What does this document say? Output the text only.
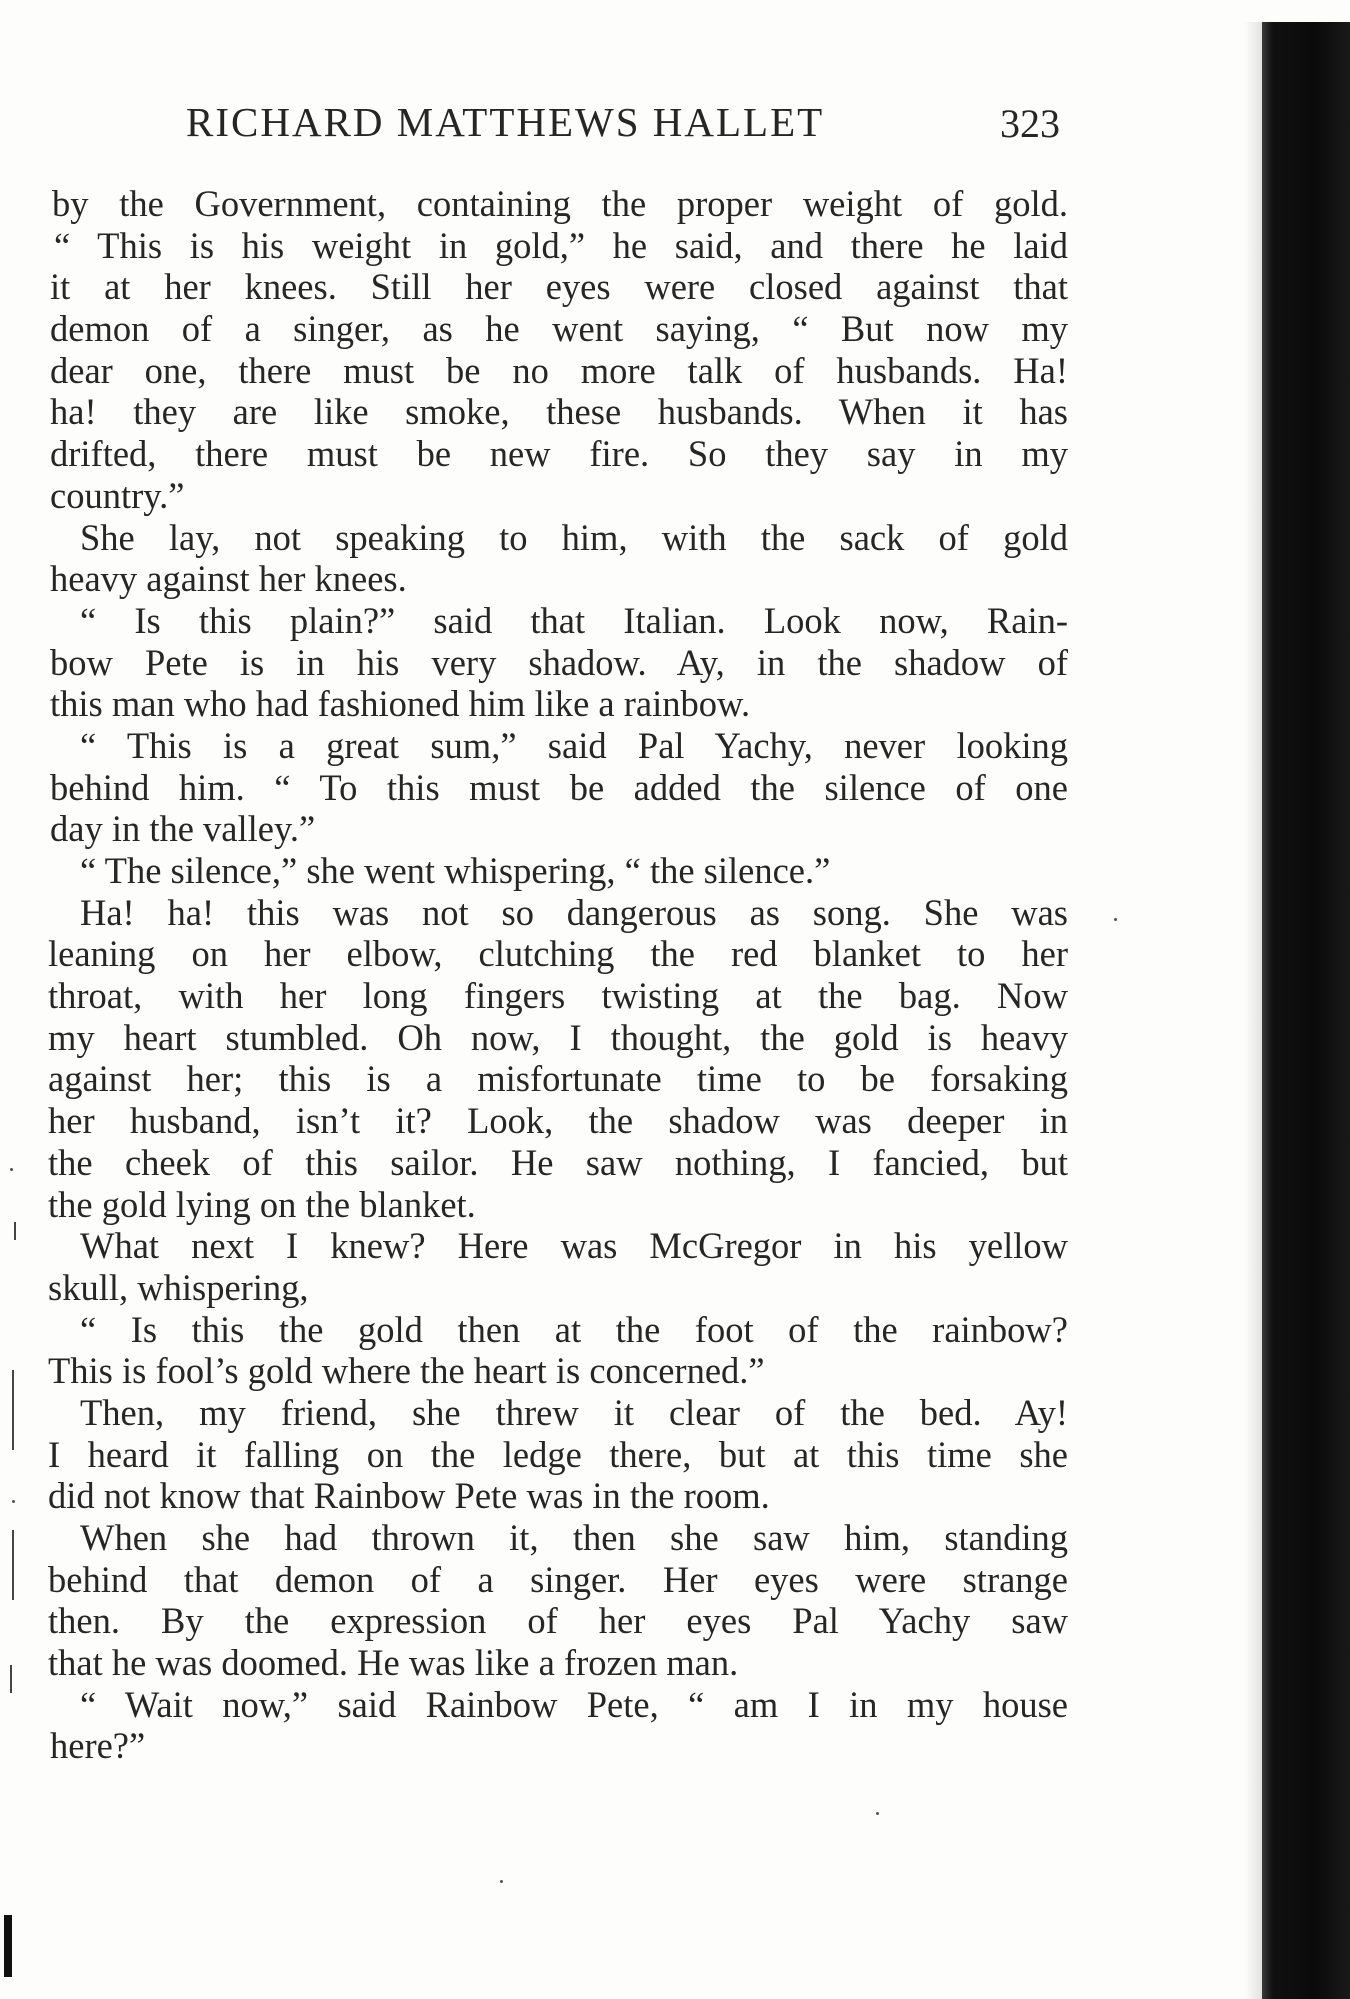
RICHARD MATTHEWS HALLET	323
by the Government, containing the proper weight of gold.
“ This is his weight in gold,” he said, and there he laid
it at her knees. Still her eyes were closed against that
demon of a singer, as he went saying, “ But now my
dear one, there must be no more talk of husbands. Ha!
ha! they are like smoke, these husbands. When it has
drifted, there must be new fire. So they say in my
country.”
She lay, not speaking to him, with the sack of gold
heavy against her knees.
“ Is this plain?” said that Italian. Look now, Rain-
bow Pete is in his very shadow. Ay, in the shadow of
this man who had fashioned him like a rainbow.
“ This is a great sum,” said Pal Yachy, never looking
behind him. “ To this must be added the silence of one
day in the valley.”
“ The silence,” she went whispering, “ the silence.”
Ha! ha! this was not so dangerous as song. She was
leaning on her elbow, clutching the red blanket to her
throat, with her long fingers twisting at the bag. Now
my heart stumbled. Oh now, I thought, the gold is heavy
against her; this is a misfortunate time to be forsaking
her husband, isn’t it? Look, the shadow was deeper in
the cheek of this sailor. He saw nothing, I fancied, but
the gold lying on the blanket.
What next I knew? Here was McGregor in his yellow
skull, whispering,
“ Is this the gold then at the foot of the rainbow?
This is fool’s gold where the heart is concerned.”
Then, my friend, she threw it clear of the bed. Ay!
I heard it falling on the ledge there, but at this time she
did not know that Rainbow Pete was in the room.
When she had thrown it, then she saw him, standing
behind that demon of a singer. Her eyes were strange
then. By the expression of her eyes Pal Yachy saw
that he was doomed. He was like a frozen man.
“ Wait now,” said Rainbow Pete, “ am I in my house
here?”
